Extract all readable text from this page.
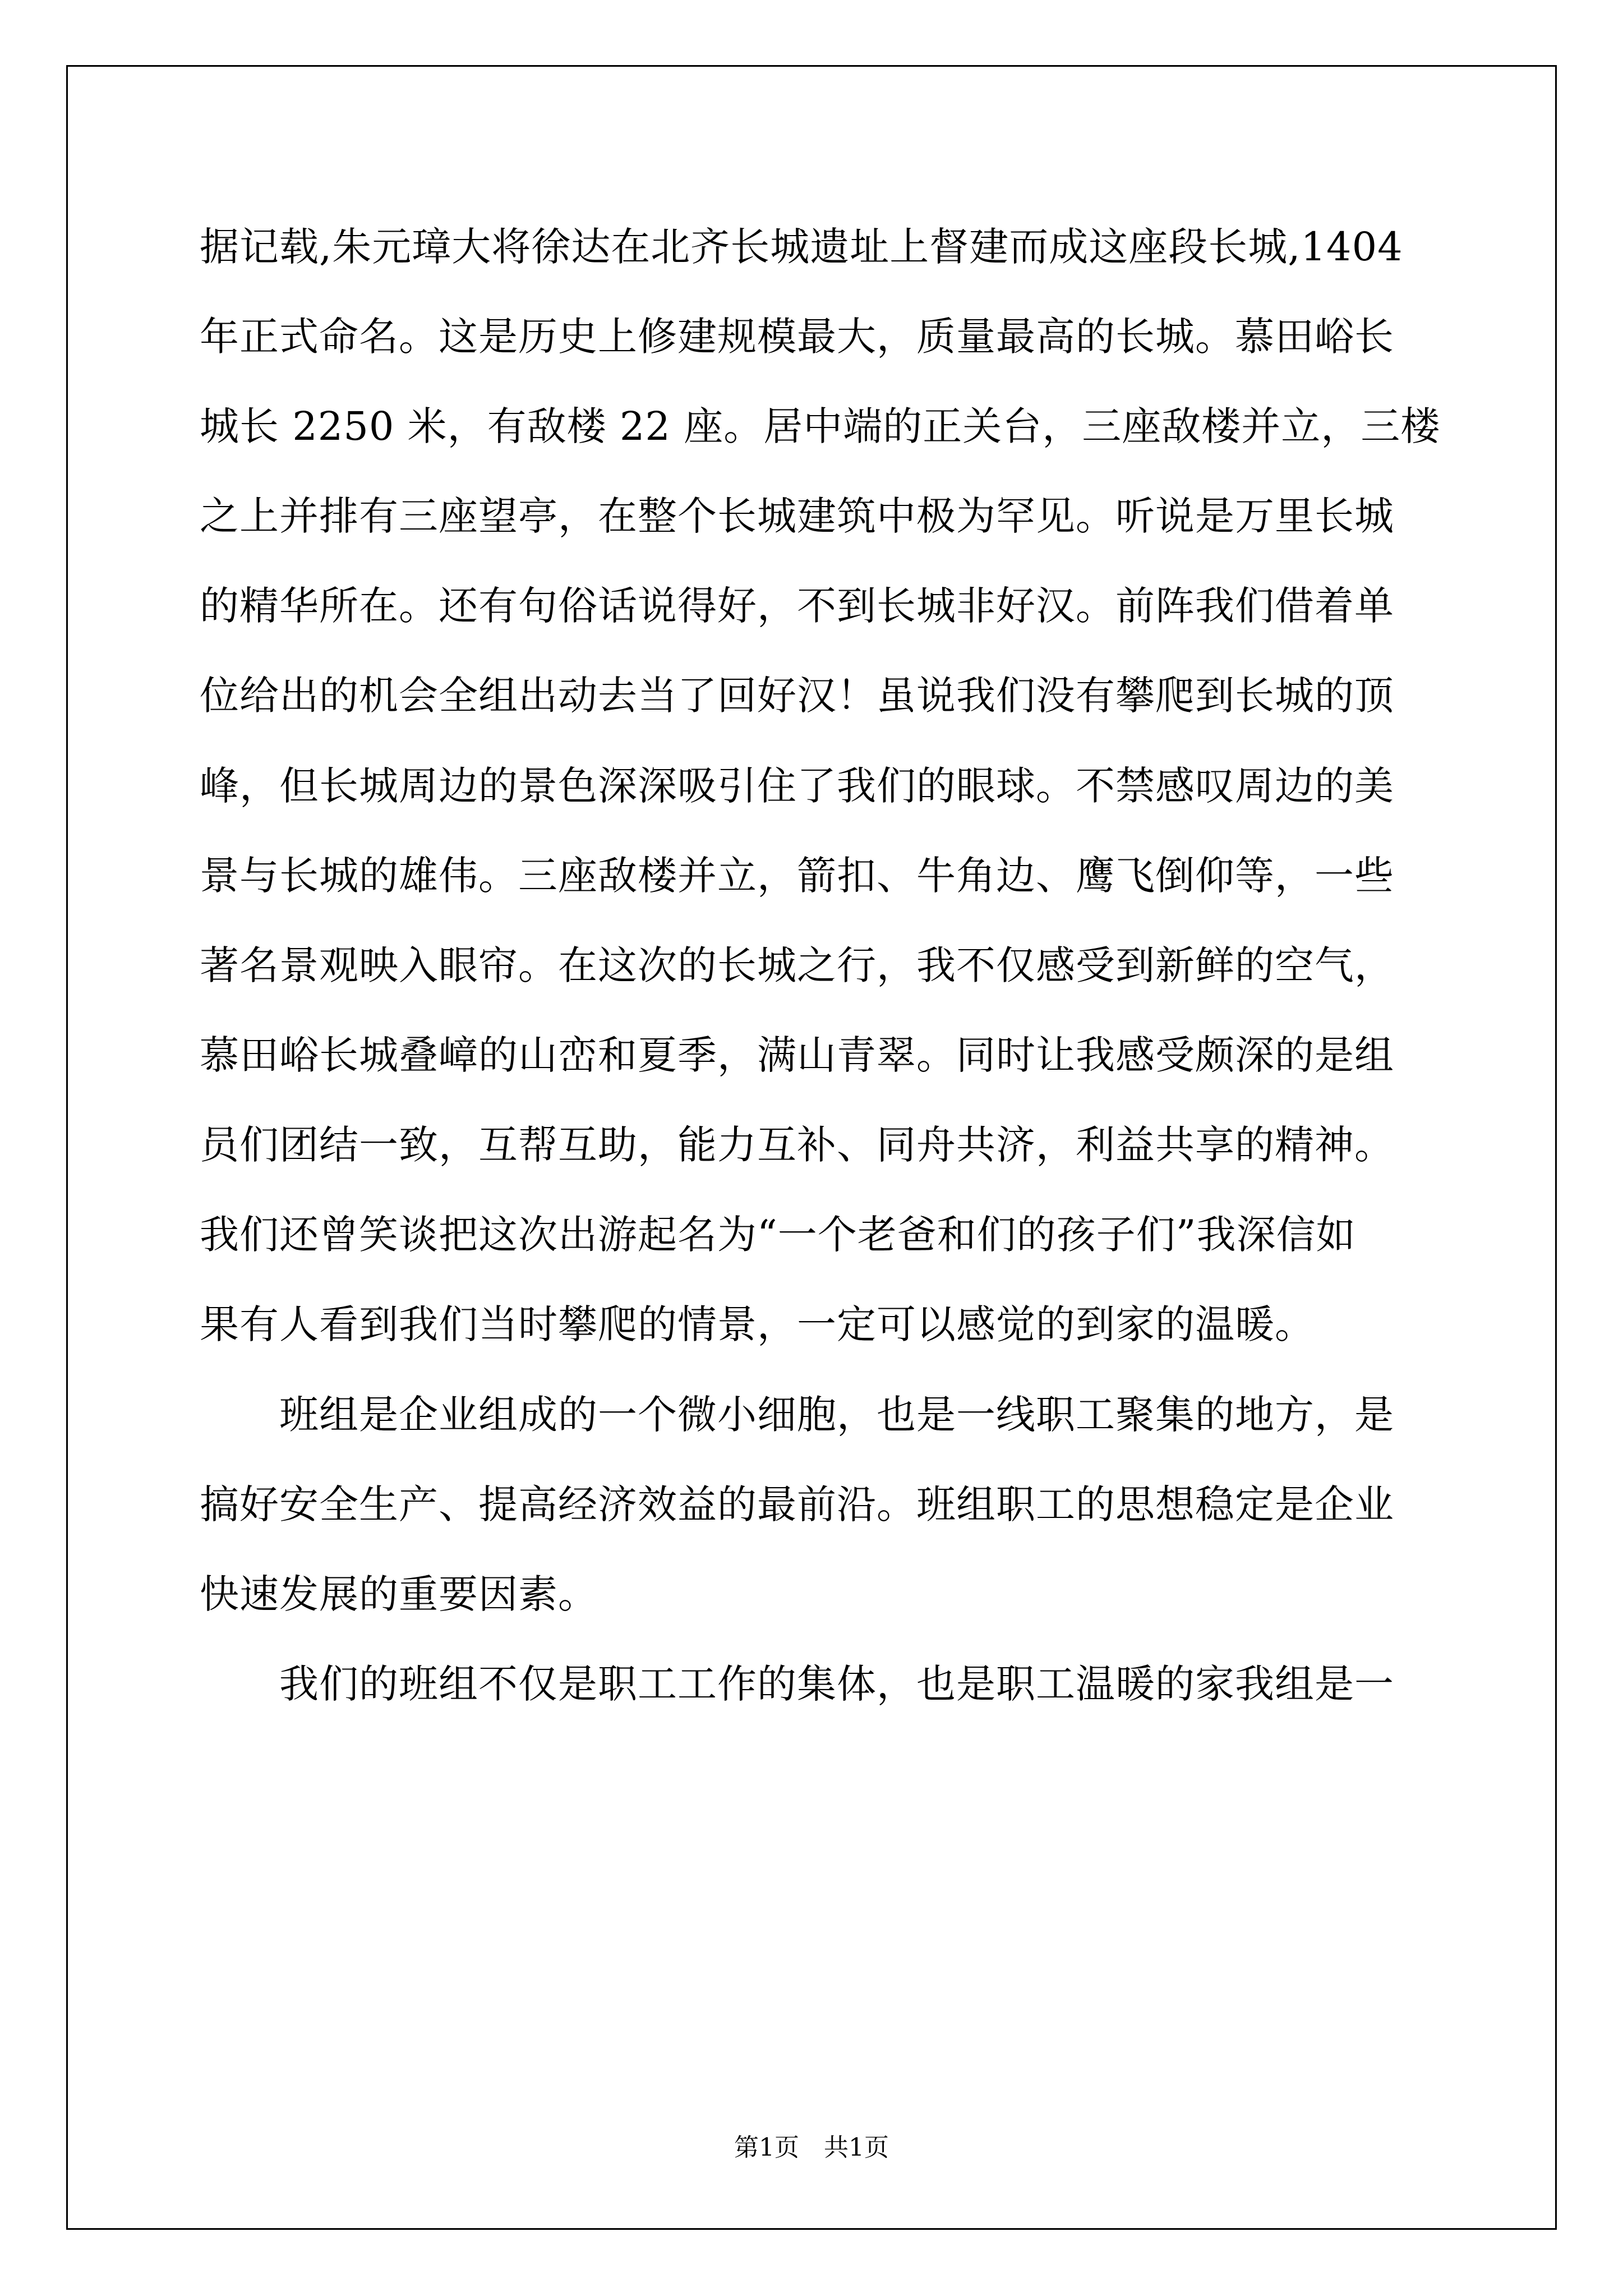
据记载,朱元璋大将徐达在北齐长城遗址上督建而成这座段长城,1404
年正式命名。这是历史上修建规模最大，质量最高的长城。慕田峪长
城长 2250 米，有敌楼 22 座。居中端的正关台，三座敌楼并立，三楼
之上并排有三座望亭，在整个长城建筑中极为罕见。听说是万里长城
的精华所在。还有句俗话说得好，不到长城非好汉。前阵我们借着单
位给出的机会全组出动去当了回好汉！虽说我们没有攀爬到长城的顶
峰，但长城周边的景色深深吸引住了我们的眼球。不禁感叹周边的美
景与长城的雄伟。三座敌楼并立，箭扣、牛角边、鹰飞倒仰等，一些
著名景观映入眼帘。在这次的长城之行，我不仅感受到新鲜的空气，
慕田峪长城叠嶂的山峦和夏季，满山青翠。同时让我感受颇深的是组
员们团结一致，互帮互助，能力互补、同舟共济，利益共享的精神。
我们还曾笑谈把这次出游起名为“一个老爸和们的孩子们”我深信如
果有人看到我们当时攀爬的情景，一定可以感觉的到家的温暖。
　　班组是企业组成的一个微小细胞，也是一线职工聚集的地方，是
搞好安全生产、提高经济效益的最前沿。班组职工的思想稳定是企业
快速发展的重要因素。
　　我们的班组不仅是职工工作的集体，也是职工温暖的家我组是一
第1页　共1页
